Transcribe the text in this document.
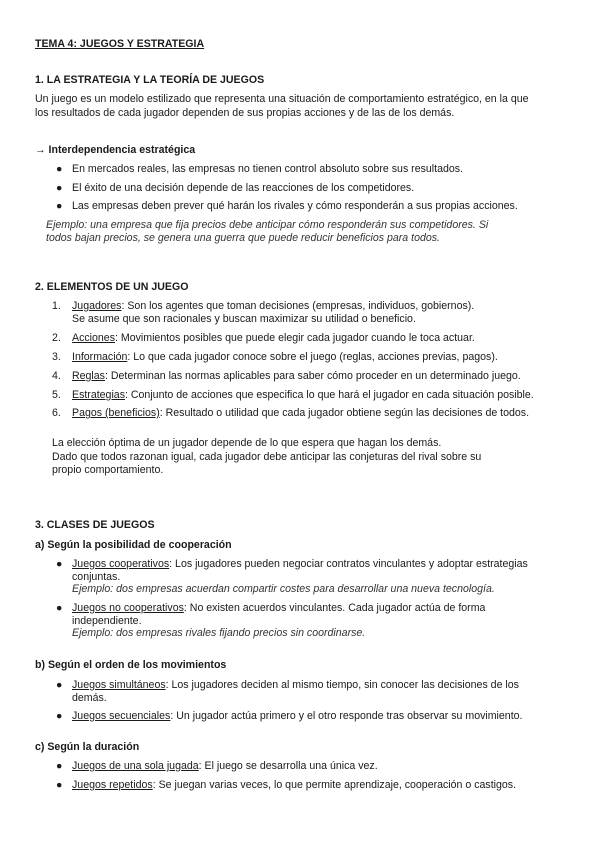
TEMA 4: JUEGOS Y ESTRATEGIA
1. LA ESTRATEGIA Y LA TEORÍA DE JUEGOS
Un juego es un modelo estilizado que representa una situación de comportamiento estratégico, en la que
los resultados de cada jugador dependen de sus propias acciones y de las de los demás.
→ Interdependencia estratégica
● En mercados reales, las empresas no tienen control absoluto sobre sus resultados.
● El éxito de una decisión depende de las reacciones de los competidores.
● Las empresas deben prever qué harán los rivales y cómo responderán a sus propias acciones.
Ejemplo: una empresa que fija precios debe anticipar cómo responderán sus competidores. Si
todos bajan precios, se genera una guerra que puede reducir beneficios para todos.
2. ELEMENTOS DE UN JUEGO
1. Jugadores: Son los agentes que toman decisiones (empresas, individuos, gobiernos).
Se asume que son racionales y buscan maximizar su utilidad o beneficio.
2. Acciones: Movimientos posibles que puede elegir cada jugador cuando le toca actuar.
3. Información: Lo que cada jugador conoce sobre el juego (reglas, acciones previas, pagos).
4. Reglas: Determinan las normas aplicables para saber cómo proceder en un determinado juego.
5. Estrategias: Conjunto de acciones que especifica lo que hará el jugador en cada situación posible.
6. Pagos (beneficios): Resultado o utilidad que cada jugador obtiene según las decisiones de todos.
La elección óptima de un jugador depende de lo que espera que hagan los demás.
Dado que todos razonan igual, cada jugador debe anticipar las conjeturas del rival sobre su
propio comportamiento.
3. CLASES DE JUEGOS
a) Según la posibilidad de cooperación
● Juegos cooperativos: Los jugadores pueden negociar contratos vinculantes y adoptar estrategias
conjuntas.
Ejemplo: dos empresas acuerdan compartir costes para desarrollar una nueva tecnología.
● Juegos no cooperativos: No existen acuerdos vinculantes. Cada jugador actúa de forma
independiente.
Ejemplo: dos empresas rivales fijando precios sin coordinarse.
b) Según el orden de los movimientos
● Juegos simultáneos: Los jugadores deciden al mismo tiempo, sin conocer las decisiones de los
demás.
● Juegos secuenciales: Un jugador actúa primero y el otro responde tras observar su movimiento.
c) Según la duración
● Juegos de una sola jugada: El juego se desarrolla una única vez.
● Juegos repetidos: Se juegan varias veces, lo que permite aprendizaje, cooperación o castigos.
